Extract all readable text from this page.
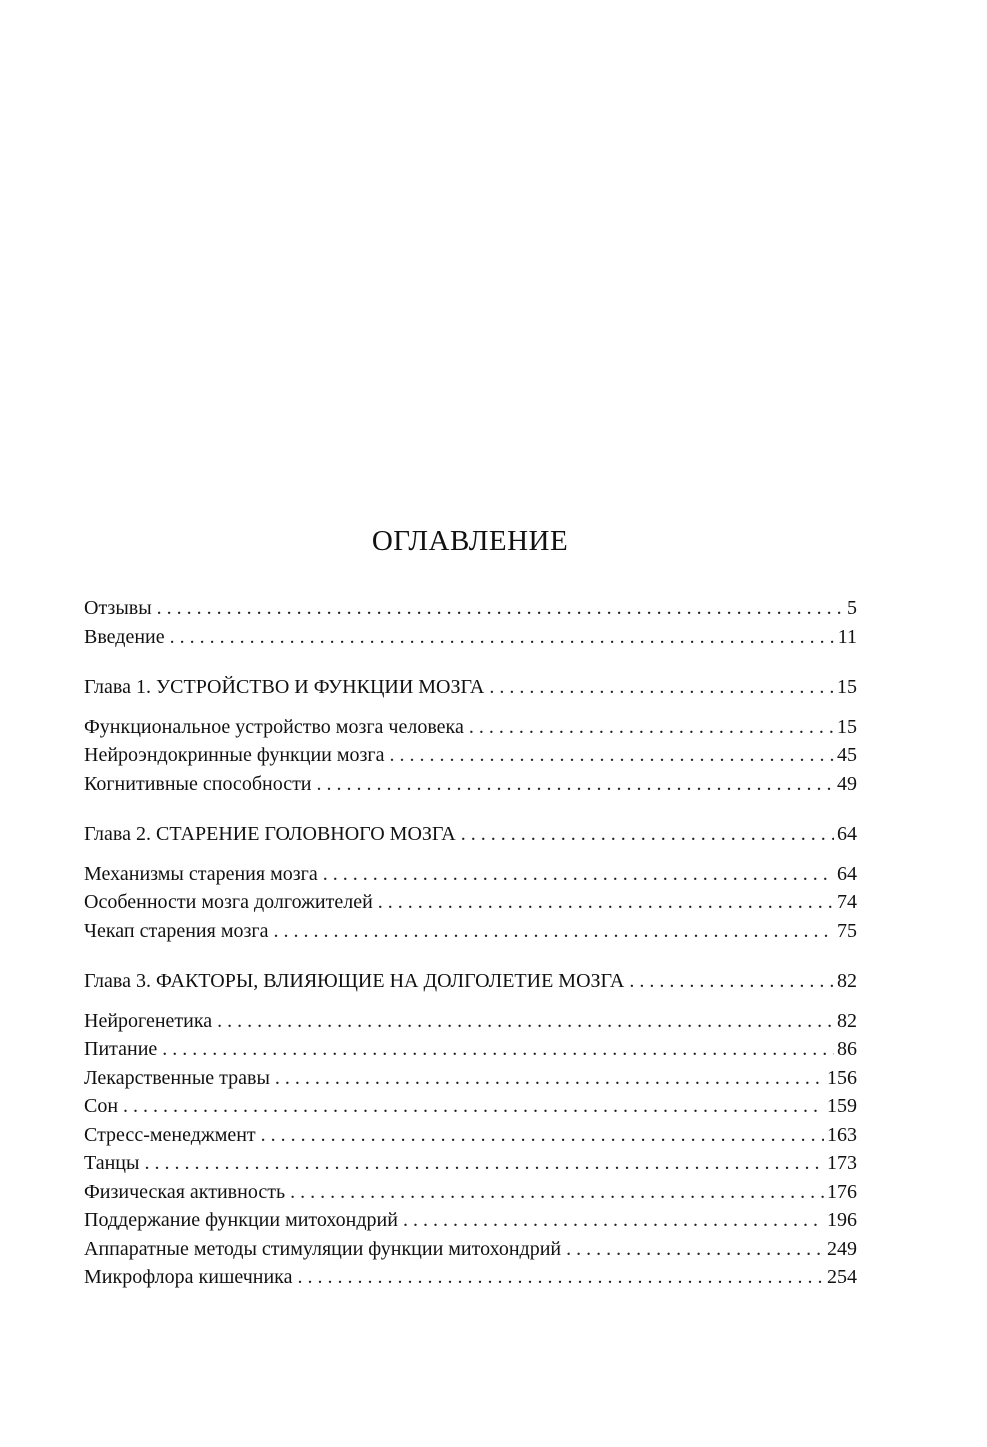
ОГЛАВЛЕНИЕ
Отзывы . . .	5
Введение . . .	11
Глава 1. УСТРОЙСТВО И ФУНКЦИИ МОЗГА . . .	15
Функциональное устройство мозга человека . . .	15
Нейроэндокринные функции мозга . . .	45
Когнитивные способности . . .	49
Глава 2. СТАРЕНИЕ ГОЛОВНОГО МОЗГА . . .	64
Механизмы старения мозга . . .	64
Особенности мозга долгожителей . . .	74
Чекап старения мозга . . .	75
Глава 3. ФАКТОРЫ, ВЛИЯЮЩИЕ НА ДОЛГОЛЕТИЕ МОЗГА . . .	82
Нейрогенетика . . .	82
Питание . . .	86
Лекарственные травы . . .	156
Сон . . .	159
Стресс-менеджмент . . .	163
Танцы . . .	173
Физическая активность . . .	176
Поддержание функции митохондрий . . .	196
Аппаратные методы стимуляции функции митохондрий . . .	249
Микрофлора кишечника . . .	254
